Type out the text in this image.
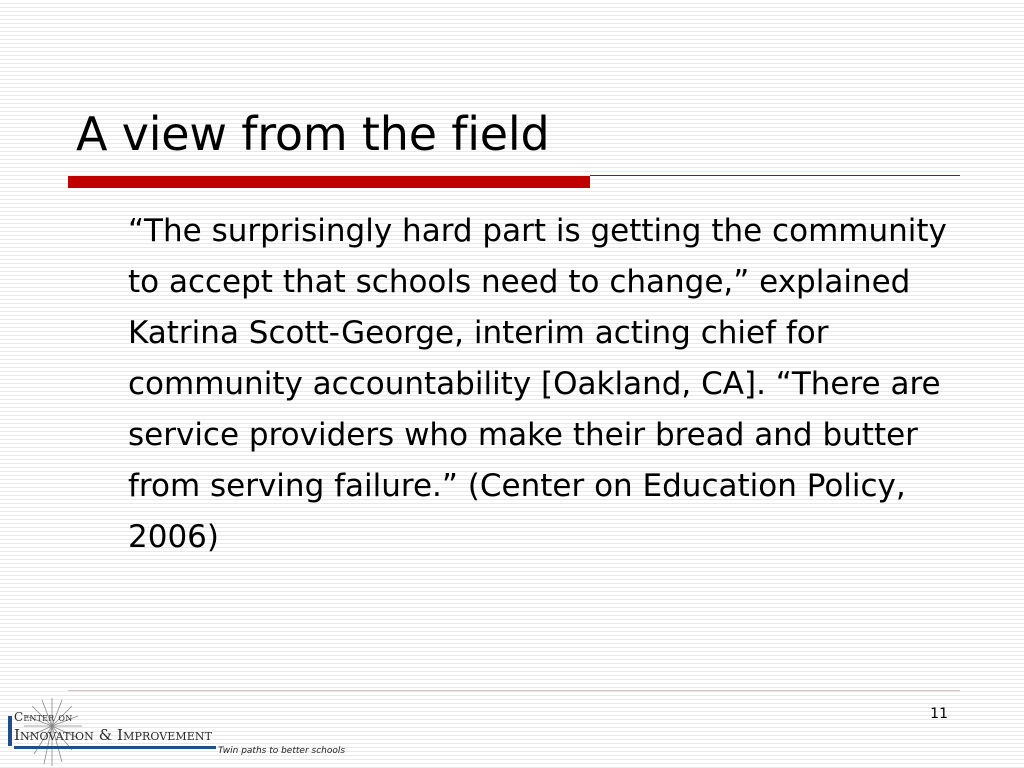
A view from the field

“The surprisingly hard part is getting the community to accept that schools need to change,” explained Katrina Scott-George, interim acting chief for community accountability [Oakland, CA]. “There are service providers who make their bread and butter from serving failure.” (Center on Education Policy, 2006)

11
Center on
Innovation & Improvement
Twin paths to better schools
